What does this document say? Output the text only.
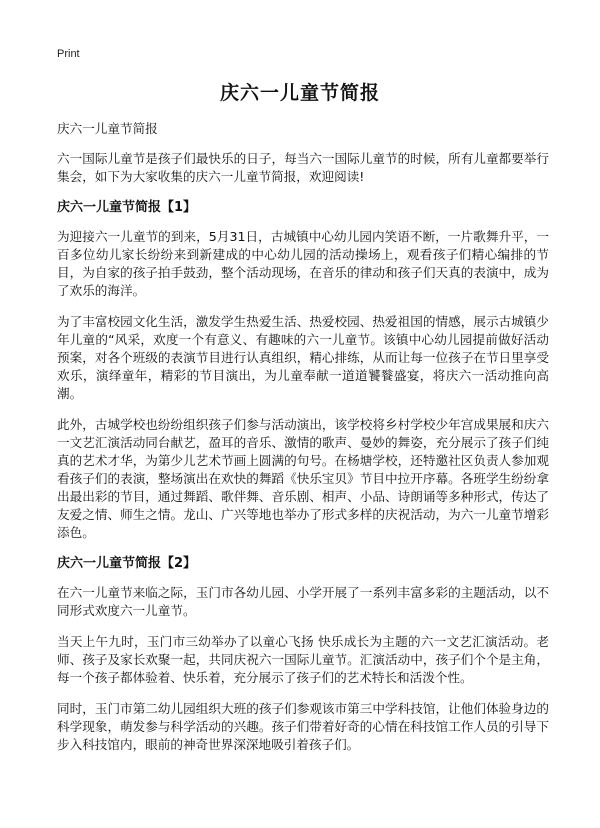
Print
庆六一儿童节简报

庆六一儿童节简报

六一国际儿童节是孩子们最快乐的日子，每当六一国际儿童节的时候，所有儿童都要举行集会，如下为大家收集的庆六一儿童节简报，欢迎阅读!

庆六一儿童节简报【1】

为迎接六一儿童节的到来，5月31日，古城镇中心幼儿园内笑语不断，一片歌舞升平，一百多位幼儿家长纷纷来到新建成的中心幼儿园的活动操场上，观看孩子们精心编排的节目，为自家的孩子拍手鼓劲，整个活动现场，在音乐的律动和孩子们天真的表演中，成为了欢乐的海洋。

为了丰富校园文化生活，激发学生热爱生活、热爱校园、热爱祖国的情感，展示古城镇少年儿童的“风采，欢度一个有意义、有趣味的六一儿童节。该镇中心幼儿园提前做好活动预案，对各个班级的表演节目进行认真组织，精心排练，从而让每一位孩子在节日里享受欢乐，演绎童年，精彩的节目演出，为儿童奉献一道道饕餮盛宴，将庆六一活动推向高潮。

此外，古城学校也纷纷组织孩子们参与活动演出，该学校将乡村学校少年宫成果展和庆六一文艺汇演活动同台献艺，盈耳的音乐、激情的歌声、曼妙的舞姿，充分展示了孩子们纯真的艺术才华，为第少儿艺术节画上圆满的句号。在杨塘学校，还特邀社区负责人参加观看孩子们的表演，整场演出在欢快的舞蹈《快乐宝贝》节目中拉开序幕。各班学生纷纷拿出最出彩的节目，通过舞蹈、歌伴舞、音乐剧、相声、小品、诗朗诵等多种形式，传达了友爱之情、师生之情。龙山、广兴等地也举办了形式多样的庆祝活动，为六一儿童节增彩添色。

庆六一儿童节简报【2】

在六一儿童节来临之际，玉门市各幼儿园、小学开展了一系列丰富多彩的主题活动，以不同形式欢度六一儿童节。

当天上午九时，玉门市三幼举办了以童心飞扬 快乐成长为主题的六一文艺汇演活动。老师、孩子及家长欢聚一起，共同庆祝六一国际儿童节。汇演活动中，孩子们个个是主角，每一个孩子都体验着、快乐着，充分展示了孩子们的艺术特长和活泼个性。

同时，玉门市第二幼儿园组织大班的孩子们参观该市第三中学科技馆，让他们体验身边的科学现象，萌发参与科学活动的兴趣。孩子们带着好奇的心情在科技馆工作人员的引导下步入科技馆内，眼前的神奇世界深深地吸引着孩子们。
